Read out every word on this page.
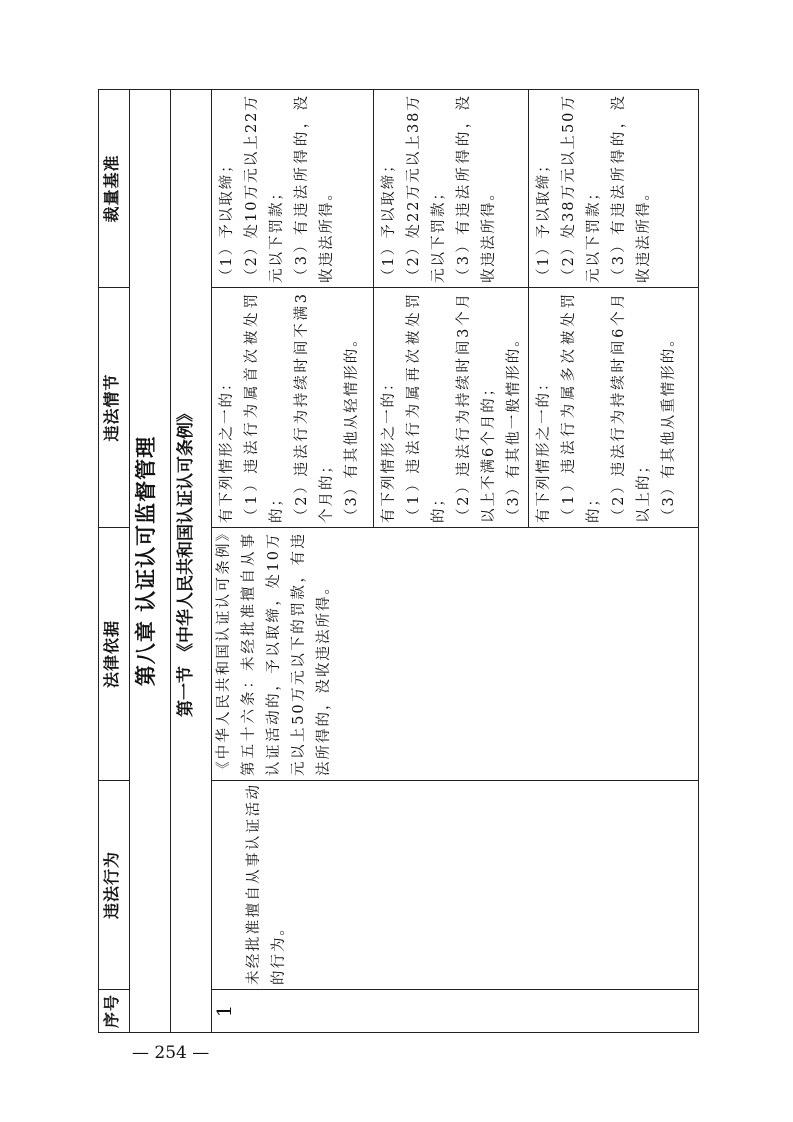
序号	违法行为	法律依据	违法情节	裁量基准
第八章 认证认可监督管理				
第一节 《中华人民共和国认证认可条例》				
1	未经批准擅自从事认证活动的行为。	《中华人民共和国认证认可条例》第五十六条：未经批准擅自从事认证活动的，予以取缔，处10万元以上50万元以下的罚款，有违法所得的，没收违法所得。	有下列情形之一的： （1）违法行为属首次被处罚的； （2）违法行为持续时间不满3个月的； （3）有其他从轻情形的。	（1）予以取缔； （2）处10万元以上22万元以下罚款； （3）有违法所得的，没收违法所得。

			有下列情形之一的： （1）违法行为属再次被处罚的； （2）违法行为持续时间3个月以上不满6个月的； （3）有其他一般情形的。	（1）予以取缔； （2）处22万元以上38万元以下罚款； （3）有违法所得的，没收违法所得。

			有下列情形之一的： （1）违法行为属多次被处罚的； （2）违法行为持续时间6个月以上的； （3）有其他从重情形的。	（1）予以取缔； （2）处38万元以上50万元以下罚款； （3）有违法所得的，没收违法所得。
— 254 —
